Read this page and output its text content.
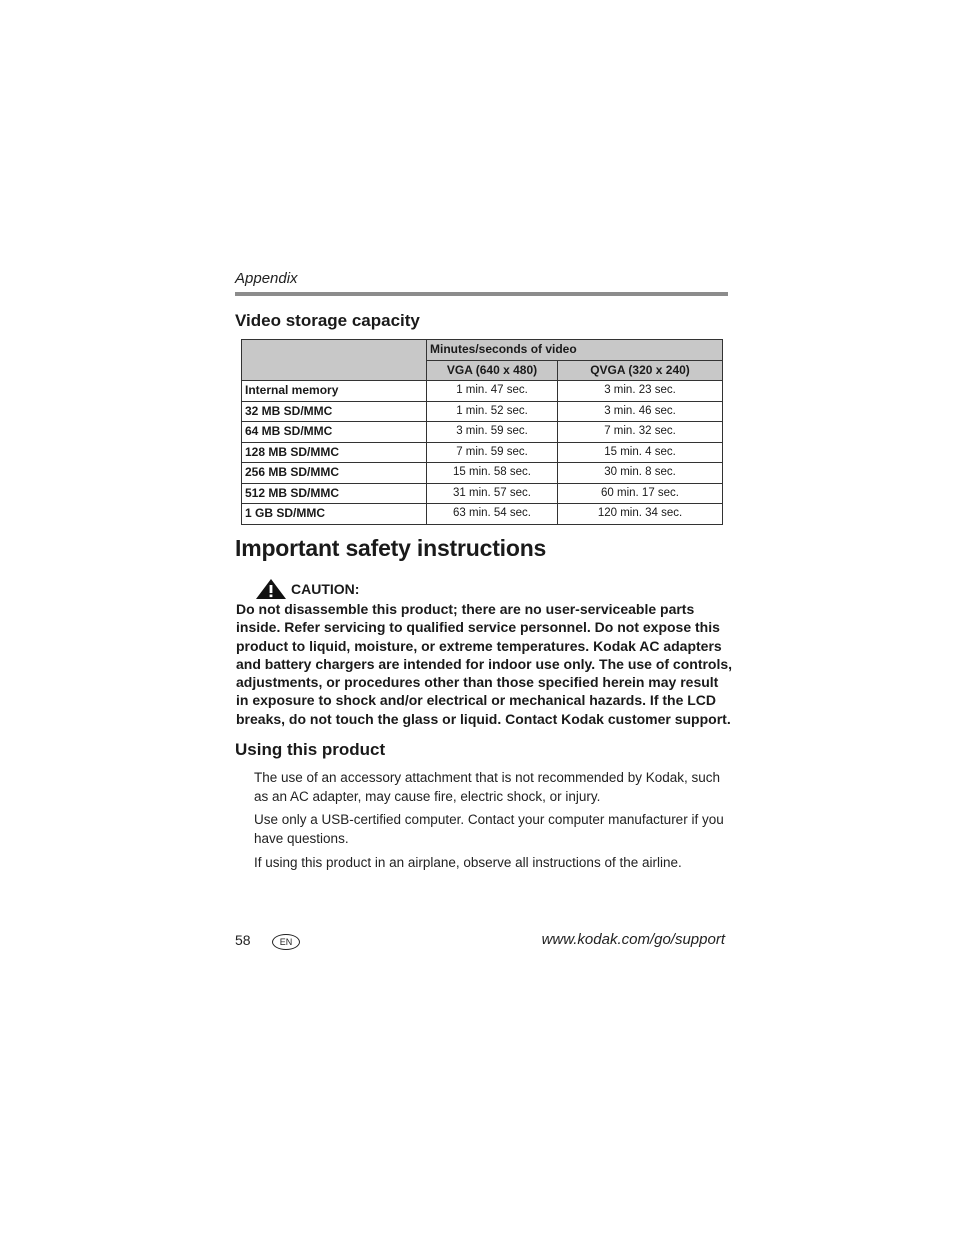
Appendix
Video storage capacity
	Minutes/seconds of video	
	VGA (640 x 480)	QVGA (320 x 240)
Internal memory	1 min. 47 sec.	3 min. 23 sec.
32 MB SD/MMC	1 min. 52 sec.	3 min. 46 sec.
64 MB SD/MMC	3 min. 59 sec.	7 min. 32 sec.
128 MB SD/MMC	7 min. 59 sec.	15 min. 4 sec.
256 MB SD/MMC	15 min. 58 sec.	30 min. 8 sec.
512 MB SD/MMC	31 min. 57 sec.	60 min. 17 sec.
1 GB SD/MMC	63 min. 54 sec.	120 min. 34 sec.
Important safety instructions
CAUTION:
Do not disassemble this product; there are no user-serviceable parts
inside. Refer servicing to qualified service personnel. Do not expose this
product to liquid, moisture, or extreme temperatures. Kodak AC adapters
and battery chargers are intended for indoor use only. The use of controls,
adjustments, or procedures other than those specified herein may result
in exposure to shock and/or electrical or mechanical hazards. If the LCD
breaks, do not touch the glass or liquid. Contact Kodak customer support.
Using this product

The use of an accessory attachment that is not recommended by Kodak, such as an AC adapter, may cause fire, electric shock, or injury.

Use only a USB-certified computer. Contact your computer manufacturer if you have questions.

If using this product in an airplane, observe all instructions of the airline.

58	EN	www.kodak.com/go/support
